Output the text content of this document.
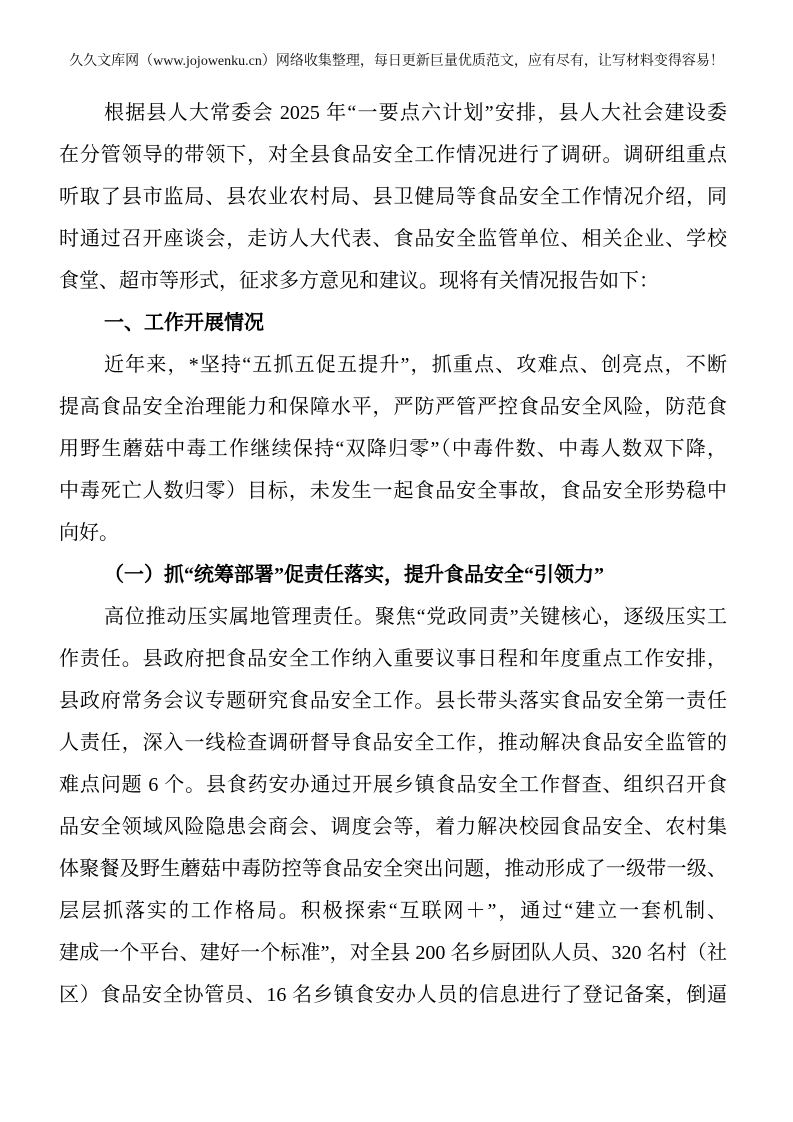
久久文库网（www.jojowenku.cn）网络收集整理，每日更新巨量优质范文，应有尽有，让写材料变得容易！
根据县人大常委会 2025 年“一要点六计划”安排，县人大社会建设委
在分管领导的带领下，对全县食品安全工作情况进行了调研。调研组重点
听取了县市监局、县农业农村局、县卫健局等食品安全工作情况介绍，同
时通过召开座谈会，走访人大代表、食品安全监管单位、相关企业、学校
食堂、超市等形式，征求多方意见和建议。现将有关情况报告如下：
一、工作开展情况
近年来，*坚持“五抓五促五提升”，抓重点、攻难点、创亮点，不断
提高食品安全治理能力和保障水平，严防严管严控食品安全风险，防范食
用野生蘑菇中毒工作继续保持“双降归零”（中毒件数、中毒人数双下降，
中毒死亡人数归零）目标，未发生一起食品安全事故，食品安全形势稳中
向好。
（一）抓“统筹部署”促责任落实，提升食品安全“引领力”
高位推动压实属地管理责任。聚焦“党政同责”关键核心，逐级压实工
作责任。县政府把食品安全工作纳入重要议事日程和年度重点工作安排，
县政府常务会议专题研究食品安全工作。县长带头落实食品安全第一责任
人责任，深入一线检查调研督导食品安全工作，推动解决食品安全监管的
难点问题 6 个。县食药安办通过开展乡镇食品安全工作督查、组织召开食
品安全领域风险隐患会商会、调度会等，着力解决校园食品安全、农村集
体聚餐及野生蘑菇中毒防控等食品安全突出问题，推动形成了一级带一级、
层层抓落实的工作格局。积极探索“互联网＋”，通过“建立一套机制、
建成一个平台、建好一个标准”，对全县 200 名乡厨团队人员、320 名村（社
区）食品安全协管员、16 名乡镇食安办人员的信息进行了登记备案，倒逼
